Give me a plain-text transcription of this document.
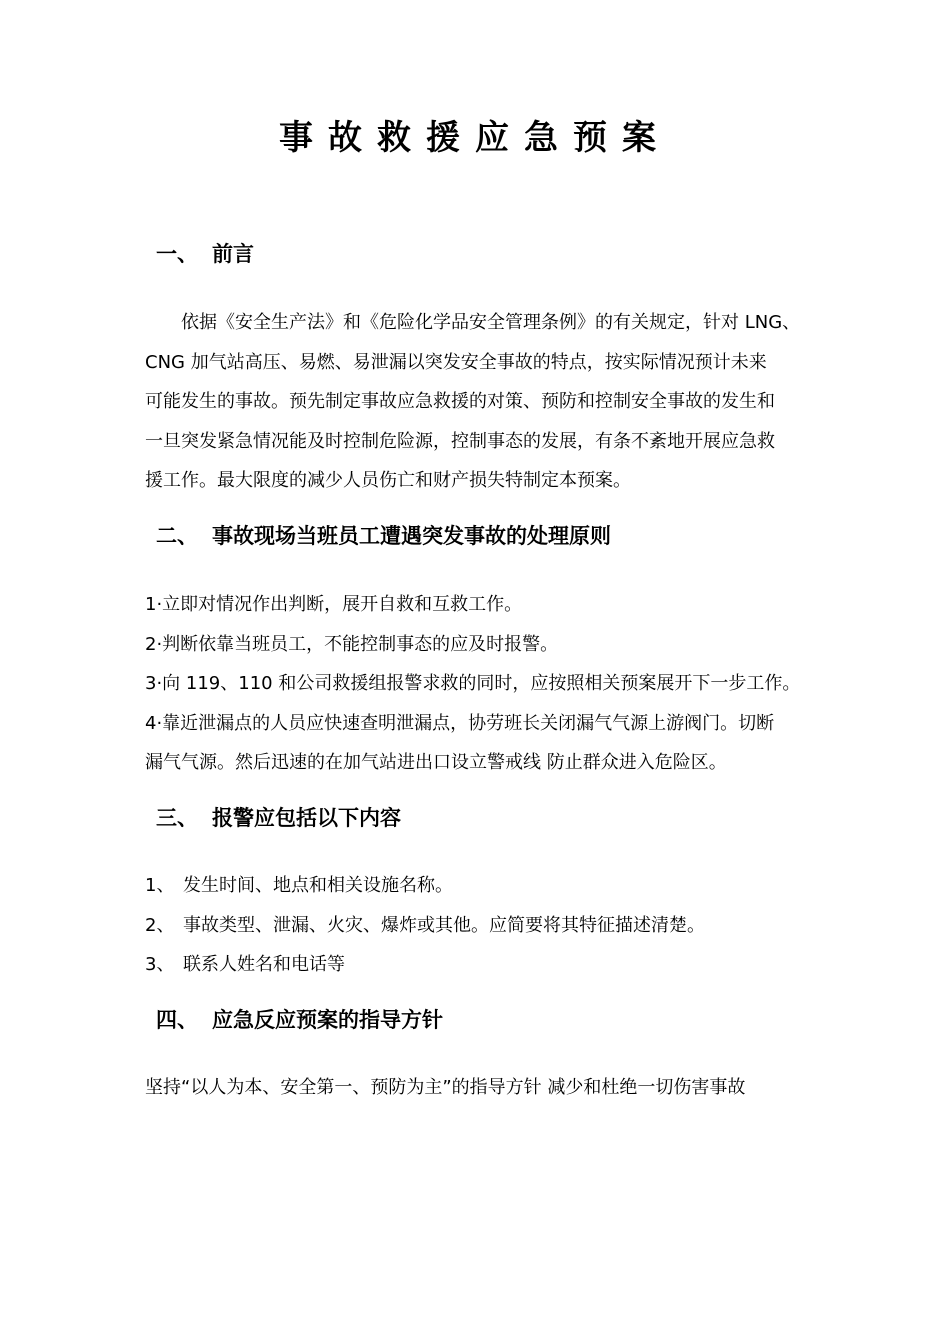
事故救援应急预案
一、 前言
依据《安全生产法》和《危险化学品安全管理条例》的有关规定，针对 LNG、
CNG 加气站高压、易燃、易泄漏以突发安全事故的特点，按实际情况预计未来
可能发生的事故。预先制定事故应急救援的对策、预防和控制安全事故的发生和
一旦突发紧急情况能及时控制危险源，控制事态的发展，有条不紊地开展应急救
援工作。最大限度的减少人员伤亡和财产损失特制定本预案。
二、 事故现场当班员工遭遇突发事故的处理原则
1·立即对情况作出判断，展开自救和互救工作。
2·判断依靠当班员工，不能控制事态的应及时报警。
3·向 119、110 和公司救援组报警求救的同时，应按照相关预案展开下一步工作。
4·靠近泄漏点的人员应快速查明泄漏点，协劳班长关闭漏气气源上游阀门。切断
漏气气源。然后迅速的在加气站进出口设立警戒线 防止群众进入危险区。
三、 报警应包括以下内容
1、 发生时间、地点和相关设施名称。
2、 事故类型、泄漏、火灾、爆炸或其他。应简要将其特征描述清楚。
3、 联系人姓名和电话等
四、 应急反应预案的指导方针
坚持“以人为本、安全第一、预防为主”的指导方针 减少和杜绝一切伤害事故
